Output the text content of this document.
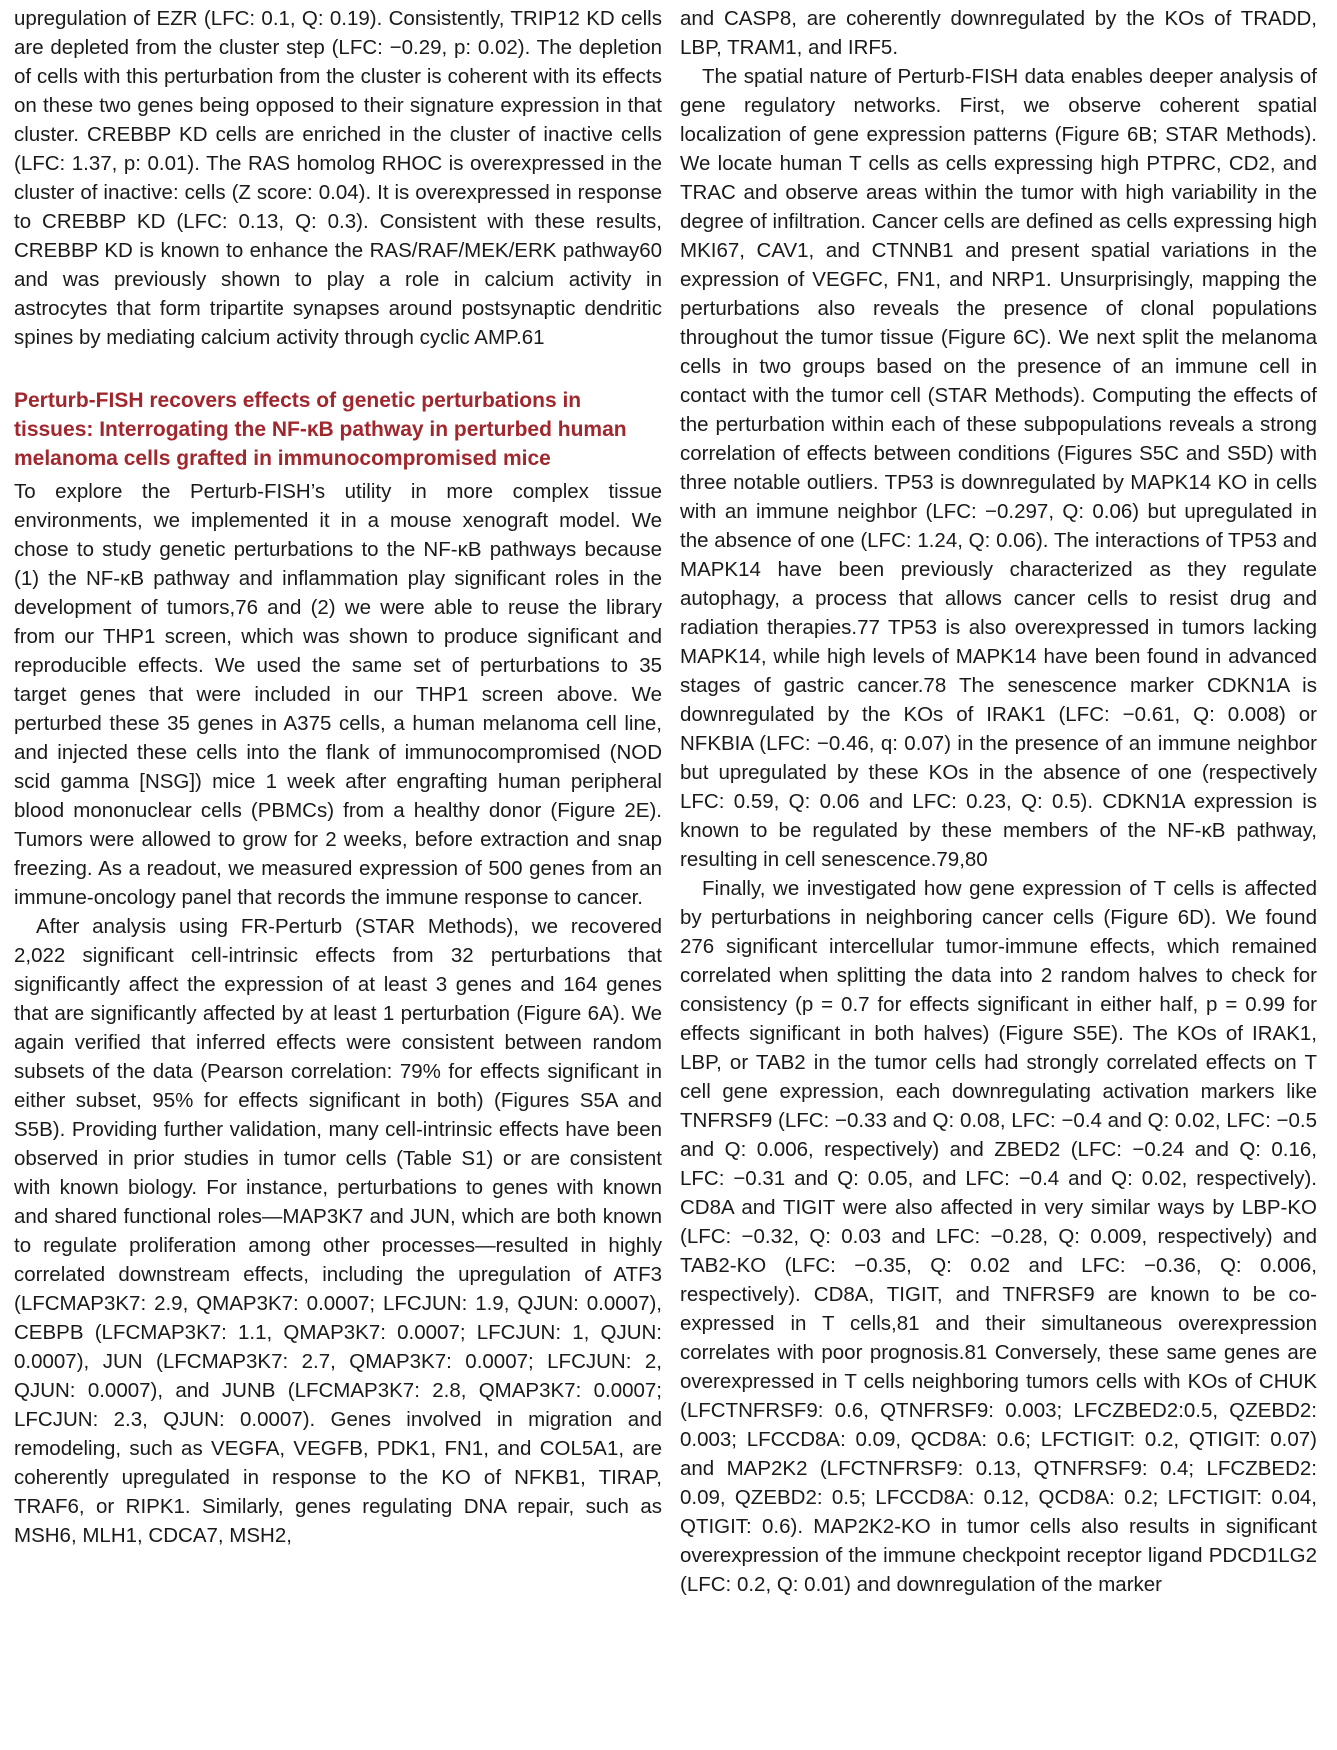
upregulation of EZR (LFC: 0.1, Q: 0.19). Consistently, TRIP12 KD cells are depleted from the cluster step (LFC: −0.29, p: 0.02). The depletion of cells with this perturbation from the cluster is coherent with its effects on these two genes being opposed to their signature expression in that cluster. CREBBP KD cells are enriched in the cluster of inactive cells (LFC: 1.37, p: 0.01). The RAS homolog RHOC is overexpressed in the cluster of inactive: cells (Z score: 0.04). It is overexpressed in response to CREBBP KD (LFC: 0.13, Q: 0.3). Consistent with these results, CREBBP KD is known to enhance the RAS/RAF/MEK/ERK pathway60 and was previously shown to play a role in calcium activity in astrocytes that form tripartite synapses around postsynaptic dendritic spines by mediating calcium activity through cyclic AMP.61

Perturb-FISH recovers effects of genetic perturbations in tissues: Interrogating the NF-κB pathway in perturbed human melanoma cells grafted in immunocompromised mice

To explore the Perturb-FISH’s utility in more complex tissue environments, we implemented it in a mouse xenograft model. We chose to study genetic perturbations to the NF-κB pathways because (1) the NF-κB pathway and inflammation play significant roles in the development of tumors,76 and (2) we were able to reuse the library from our THP1 screen, which was shown to produce significant and reproducible effects. We used the same set of perturbations to 35 target genes that were included in our THP1 screen above. We perturbed these 35 genes in A375 cells, a human melanoma cell line, and injected these cells into the flank of immunocompromised (NOD scid gamma [NSG]) mice 1 week after engrafting human peripheral blood mononuclear cells (PBMCs) from a healthy donor (Figure 2E). Tumors were allowed to grow for 2 weeks, before extraction and snap freezing. As a readout, we measured expression of 500 genes from an immune-oncology panel that records the immune response to cancer.

After analysis using FR-Perturb (STAR Methods), we recovered 2,022 significant cell-intrinsic effects from 32 perturbations that significantly affect the expression of at least 3 genes and 164 genes that are significantly affected by at least 1 perturbation (Figure 6A). We again verified that inferred effects were consistent between random subsets of the data (Pearson correlation: 79% for effects significant in either subset, 95% for effects significant in both) (Figures S5A and S5B). Providing further validation, many cell-intrinsic effects have been observed in prior studies in tumor cells (Table S1) or are consistent with known biology. For instance, perturbations to genes with known and shared functional roles—MAP3K7 and JUN, which are both known to regulate proliferation among other processes—resulted in highly correlated downstream effects, including the upregulation of ATF3 (LFCMAP3K7: 2.9, QMAP3K7: 0.0007; LFCJUN: 1.9, QJUN: 0.0007), CEBPB (LFCMAP3K7: 1.1, QMAP3K7: 0.0007; LFCJUN: 1, QJUN: 0.0007), JUN (LFCMAP3K7: 2.7, QMAP3K7: 0.0007; LFCJUN: 2, QJUN: 0.0007), and JUNB (LFCMAP3K7: 2.8, QMAP3K7: 0.0007; LFCJUN: 2.3, QJUN: 0.0007). Genes involved in migration and remodeling, such as VEGFA, VEGFB, PDK1, FN1, and COL5A1, are coherently upregulated in response to the KO of NFKB1, TIRAP, TRAF6, or RIPK1. Similarly, genes regulating DNA repair, such as MSH6, MLH1, CDCA7, MSH2,

and CASP8, are coherently downregulated by the KOs of TRADD, LBP, TRAM1, and IRF5.

The spatial nature of Perturb-FISH data enables deeper analysis of gene regulatory networks. First, we observe coherent spatial localization of gene expression patterns (Figure 6B; STAR Methods). We locate human T cells as cells expressing high PTPRC, CD2, and TRAC and observe areas within the tumor with high variability in the degree of infiltration. Cancer cells are defined as cells expressing high MKI67, CAV1, and CTNNB1 and present spatial variations in the expression of VEGFC, FN1, and NRP1. Unsurprisingly, mapping the perturbations also reveals the presence of clonal populations throughout the tumor tissue (Figure 6C). We next split the melanoma cells in two groups based on the presence of an immune cell in contact with the tumor cell (STAR Methods). Computing the effects of the perturbation within each of these subpopulations reveals a strong correlation of effects between conditions (Figures S5C and S5D) with three notable outliers. TP53 is downregulated by MAPK14 KO in cells with an immune neighbor (LFC: −0.297, Q: 0.06) but upregulated in the absence of one (LFC: 1.24, Q: 0.06). The interactions of TP53 and MAPK14 have been previously characterized as they regulate autophagy, a process that allows cancer cells to resist drug and radiation therapies.77 TP53 is also overexpressed in tumors lacking MAPK14, while high levels of MAPK14 have been found in advanced stages of gastric cancer.78 The senescence marker CDKN1A is downregulated by the KOs of IRAK1 (LFC: −0.61, Q: 0.008) or NFKBIA (LFC: −0.46, q: 0.07) in the presence of an immune neighbor but upregulated by these KOs in the absence of one (respectively LFC: 0.59, Q: 0.06 and LFC: 0.23, Q: 0.5). CDKN1A expression is known to be regulated by these members of the NF-κB pathway, resulting in cell senescence.79,80

Finally, we investigated how gene expression of T cells is affected by perturbations in neighboring cancer cells (Figure 6D). We found 276 significant intercellular tumor-immune effects, which remained correlated when splitting the data into 2 random halves to check for consistency (p = 0.7 for effects significant in either half, p = 0.99 for effects significant in both halves) (Figure S5E). The KOs of IRAK1, LBP, or TAB2 in the tumor cells had strongly correlated effects on T cell gene expression, each downregulating activation markers like TNFRSF9 (LFC: −0.33 and Q: 0.08, LFC: −0.4 and Q: 0.02, LFC: −0.5 and Q: 0.006, respectively) and ZBED2 (LFC: −0.24 and Q: 0.16, LFC: −0.31 and Q: 0.05, and LFC: −0.4 and Q: 0.02, respectively). CD8A and TIGIT were also affected in very similar ways by LBP-KO (LFC: −0.32, Q: 0.03 and LFC: −0.28, Q: 0.009, respectively) and TAB2-KO (LFC: −0.35, Q: 0.02 and LFC: −0.36, Q: 0.006, respectively). CD8A, TIGIT, and TNFRSF9 are known to be co-expressed in T cells,81 and their simultaneous overexpression correlates with poor prognosis.81 Conversely, these same genes are overexpressed in T cells neighboring tumors cells with KOs of CHUK (LFCTNFRSF9: 0.6, QTNFRSF9: 0.003; LFCZBED2:0.5, QZEBD2: 0.003; LFCCD8A: 0.09, QCD8A: 0.6; LFCTIGIT: 0.2, QTIGIT: 0.07) and MAP2K2 (LFCTNFRSF9: 0.13, QTNFRSF9: 0.4; LFCZBED2: 0.09, QZEBD2: 0.5; LFCCD8A: 0.12, QCD8A: 0.2; LFCTIGIT: 0.04, QTIGIT: 0.6). MAP2K2-KO in tumor cells also results in significant overexpression of the immune checkpoint receptor ligand PDCD1LG2 (LFC: 0.2, Q: 0.01) and downregulation of the marker
